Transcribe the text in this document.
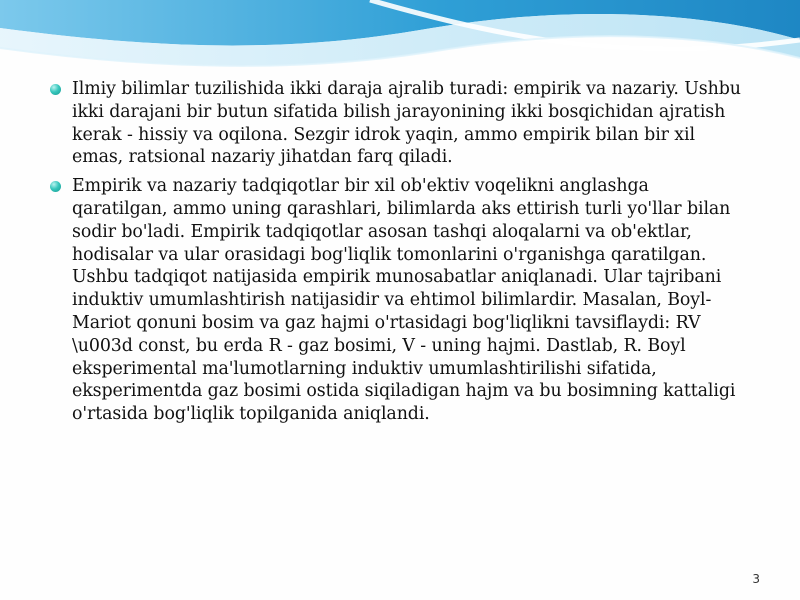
Ilmiy bilimlar tuzilishida ikki daraja ajralib turadi: empirik va nazariy. Ushbu ikki darajani bir butun sifatida bilish jarayonining ikki bosqichidan ajratish kerak - hissiy va oqilona. Sezgir idrok yaqin, ammo empirik bilan bir xil emas, ratsional nazariy jihatdan farq qiladi.
Empirik va nazariy tadqiqotlar bir xil ob'ektiv voqelikni anglashga qaratilgan, ammo uning qarashlari, bilimlarda aks ettirish turli yo'llar bilan sodir bo'ladi. Empirik tadqiqotlar asosan tashqi aloqalarni va ob'ektlar, hodisalar va ular orasidagi bog'liqlik tomonlarini o'rganishga qaratilgan. Ushbu tadqiqot natijasida empirik munosabatlar aniqlanadi. Ular tajribani induktiv umumlashtirish natijasidir va ehtimol bilimlardir. Masalan, Boyl-Mariot qonuni bosim va gaz hajmi o'rtasidagi bog'liqlikni tavsiflaydi: RV \u003d const, bu erda R - gaz bosimi, V - uning hajmi. Dastlab, R. Boyl eksperimental ma'lumotlarning induktiv umumlashtirilishi sifatida, eksperimentda gaz bosimi ostida siqiladigan hajm va bu bosimning kattaligi o'rtasida bog'liqlik topilganida aniqlandi.
3
